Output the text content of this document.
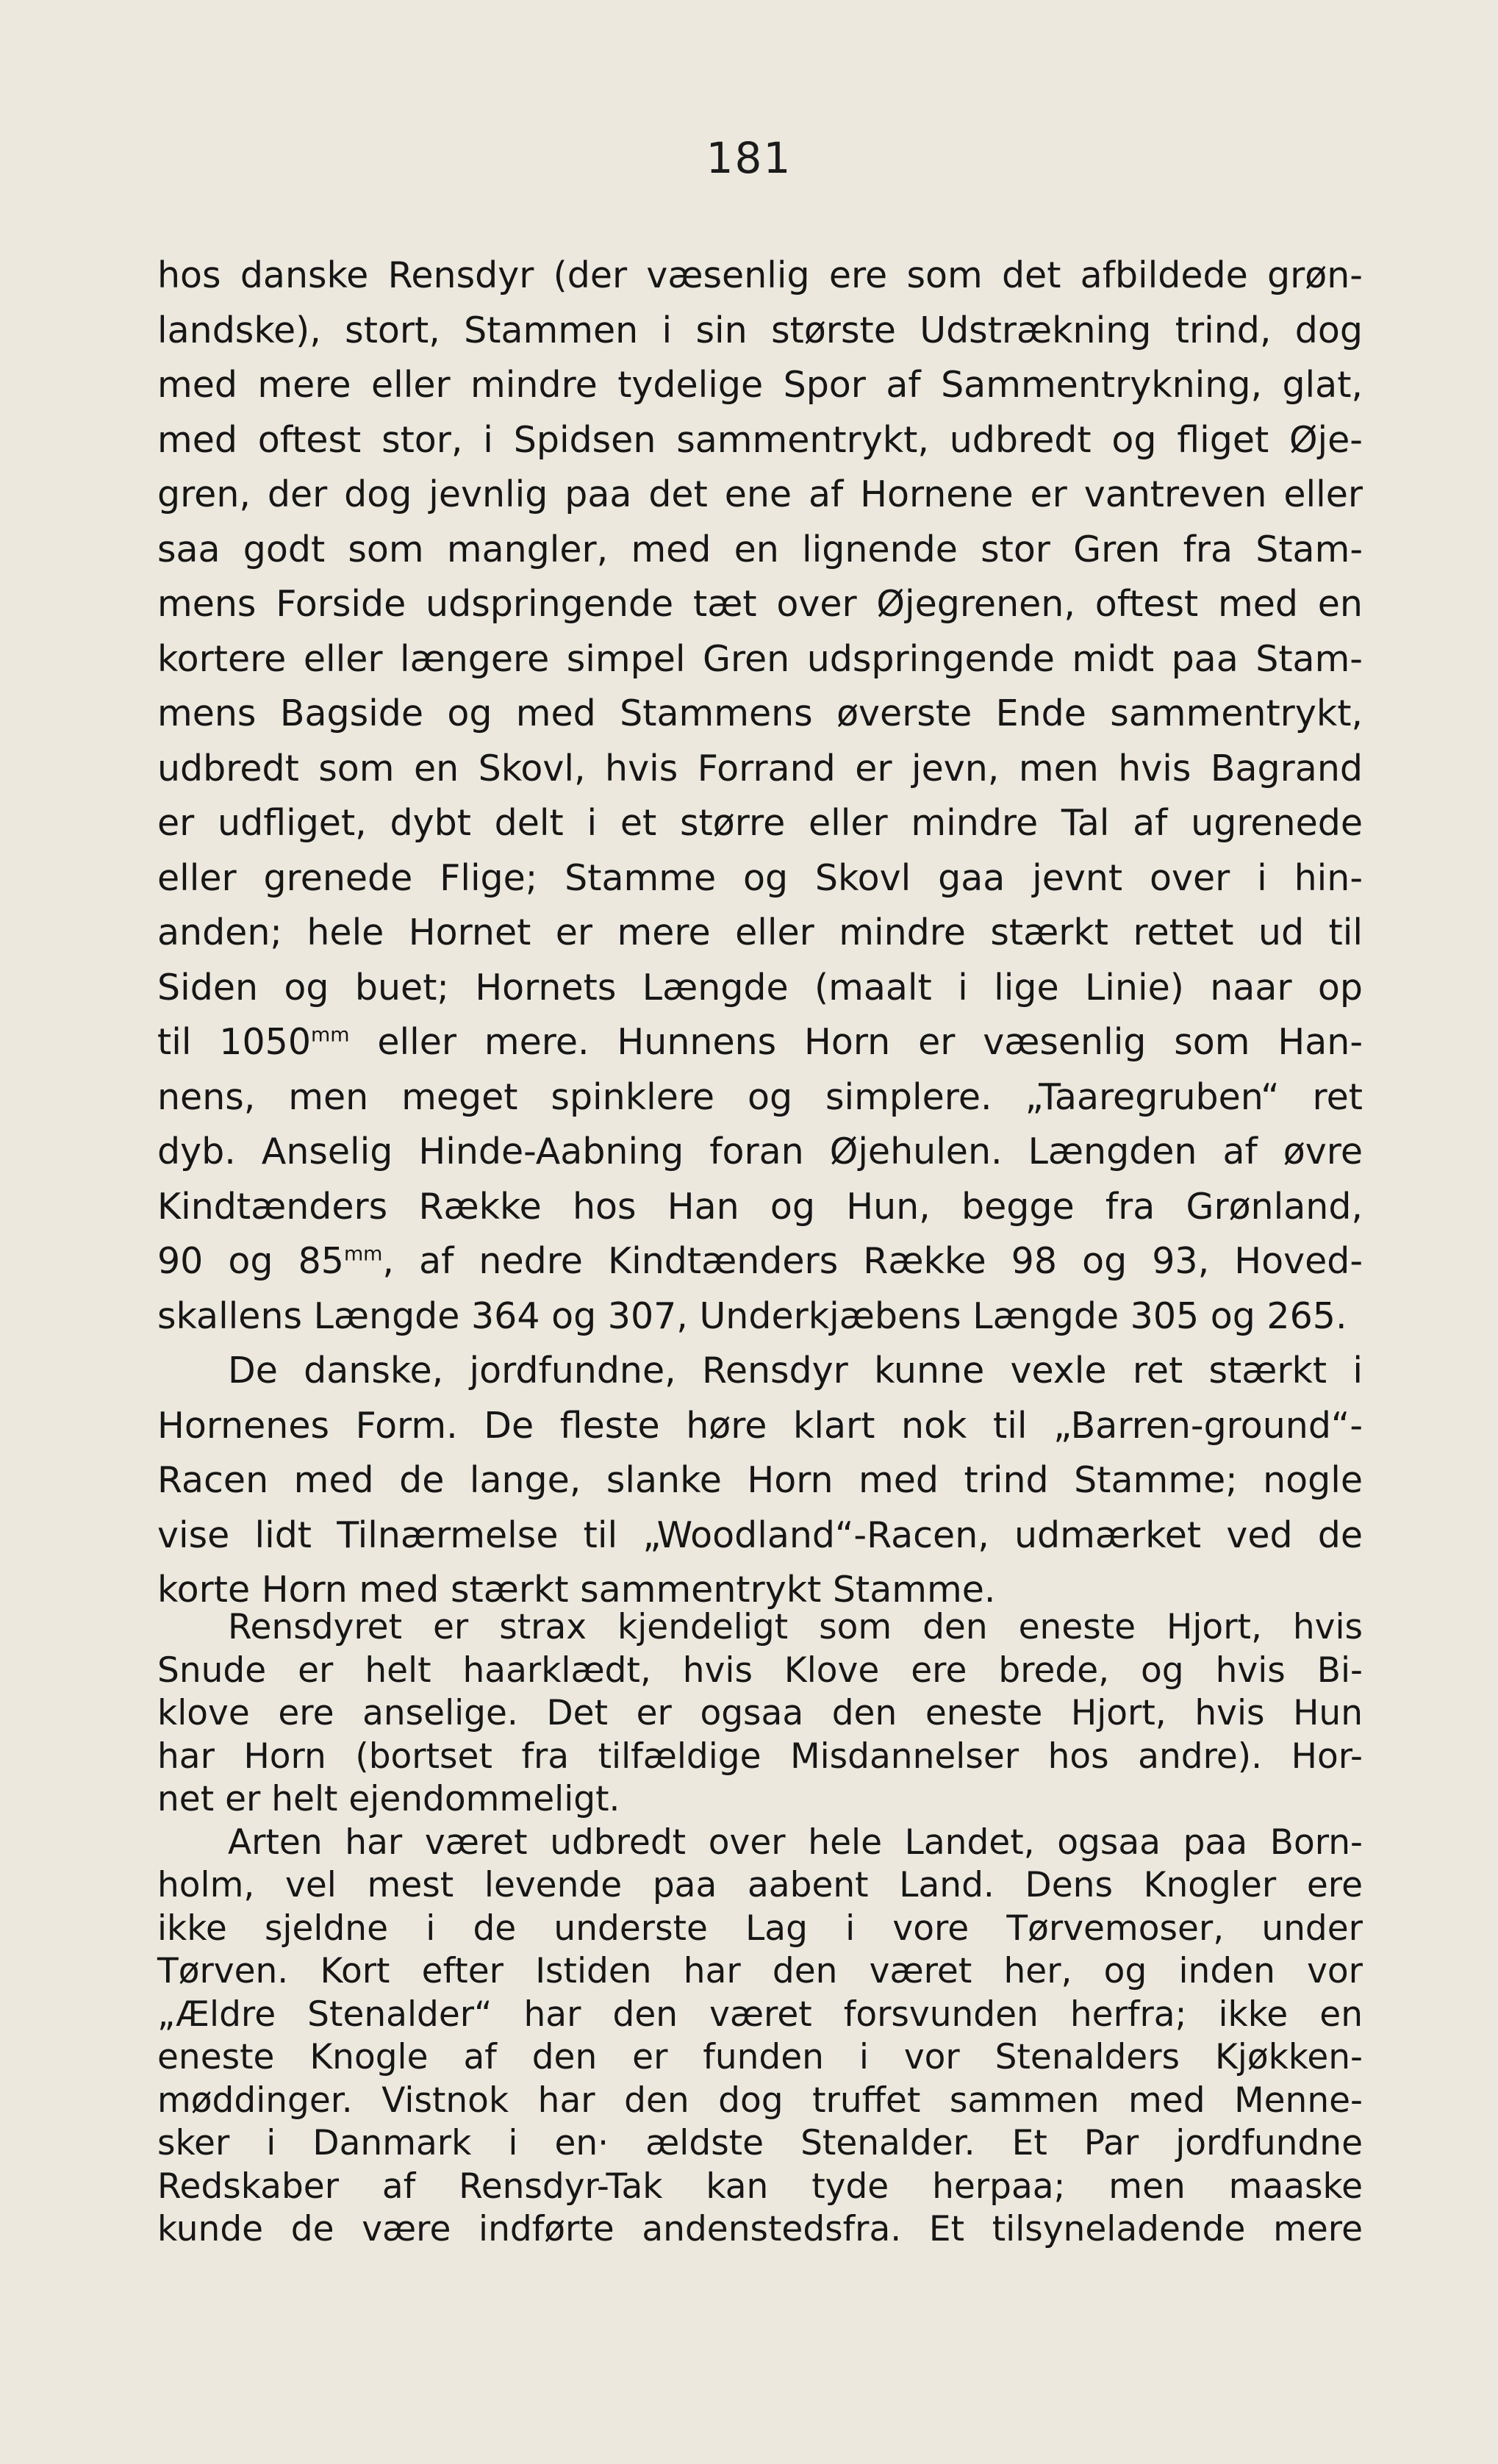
181
hos danske Rensdyr (der væsenlig ere som det afbildede grøn-
landske), stort, Stammen i sin største Udstrækning trind, dog
med mere eller mindre tydelige Spor af Sammentrykning, glat,
med oftest stor, i Spidsen sammentrykt, udbredt og fliget Øje-
gren, der dog jevnlig paa det ene af Hornene er vantreven eller
saa godt som mangler, med en lignende stor Gren fra Stam-
mens Forside udspringende tæt over Øjegrenen, oftest med en
kortere eller længere simpel Gren udspringende midt paa Stam-
mens Bagside og med Stammens øverste Ende sammentrykt,
udbredt som en Skovl, hvis Forrand er jevn, men hvis Bagrand
er udfliget, dybt delt i et større eller mindre Tal af ugrenede
eller grenede Flige; Stamme og Skovl gaa jevnt over i hin-
anden; hele Hornet er mere eller mindre stærkt rettet ud til
Siden og buet; Hornets Længde (maalt i lige Linie) naar op
til $1050^{mm}$ eller mere. Hunnens Horn er væsenlig som Han-
nens, men meget spinklere og simplere. „Taaregruben“ ret
dyb. Anselig Hinde-Aabning foran Øjehulen. Længden af øvre
Kindtænders Række hos Han og Hun, begge fra Grønland,
90 og $85^{mm}$, af nedre Kindtænders Række 98 og 93, Hoved-
skallens Længde 364 og 307, Underkjæbens Længde 305 og 265.
De danske, jordfundne, Rensdyr kunne vexle ret stærkt i
Hornenes Form. De fleste høre klart nok til „Barren-ground“-
Racen med de lange, slanke Horn med trind Stamme; nogle
vise lidt Tilnærmelse til „Woodland“-Racen, udmærket ved de
korte Horn med stærkt sammentrykt Stamme.
Rensdyret er strax kjendeligt som den eneste Hjort, hvis
Snude er helt haarklædt, hvis Klove ere brede, og hvis Bi-
klove ere anselige. Det er ogsaa den eneste Hjort, hvis Hun
har Horn (bortset fra tilfældige Misdannelser hos andre). Hor-
net er helt ejendommeligt.
Arten har været udbredt over hele Landet, ogsaa paa Born-
holm, vel mest levende paa aabent Land. Dens Knogler ere
ikke sjeldne i de underste Lag i vore Tørvemoser, under
Tørven. Kort efter Istiden har den været her, og inden vor
„Ældre Stenalder“ har den været forsvunden herfra; ikke en
eneste Knogle af den er funden i vor Stenalders Kjøkken-
møddinger. Vistnok har den dog truffet sammen med Menne-
sker i Danmark i en· ældste Stenalder. Et Par jordfundne
Redskaber af Rensdyr-Tak kan tyde herpaa; men maaske
kunde de være indførte andenstedsfra. Et tilsyneladende mere
